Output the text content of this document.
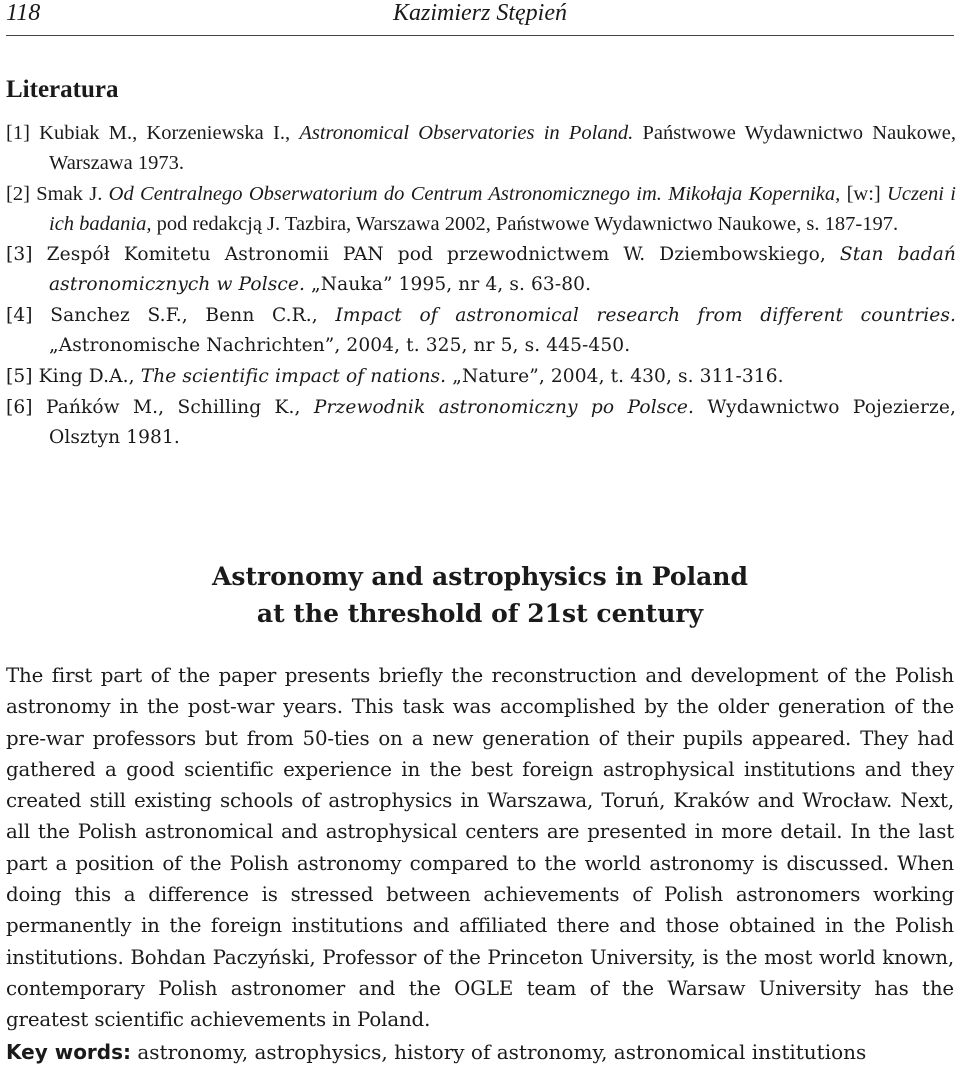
118	Kazimierz Stępień
Literatura
[1] Kubiak M., Korzeniewska I., Astronomical Observatories in Poland. Państwowe Wydawnictwo Naukowe, Warszawa 1973.
[2] Smak J. Od Centralnego Obserwatorium do Centrum Astronomicznego im. Mikołaja Kopernika, [w:] Uczeni i ich badania, pod redakcją J. Tazbira, Warszawa 2002, Państwowe Wydawnictwo Naukowe, s. 187-197.
[3] Zespół Komitetu Astronomii PAN pod przewodnictwem W. Dziembowskiego, Stan badań astronomicznych w Polsce. „Nauka” 1995, nr 4, s. 63-80.
[4] Sanchez S.F., Benn C.R., Impact of astronomical research from different countries. „Astronomische Nachrichten”, 2004, t. 325, nr 5, s. 445-450.
[5] King D.A., The scientific impact of nations. „Nature”, 2004, t. 430, s. 311-316.
[6] Pańków M., Schilling K., Przewodnik astronomiczny po Polsce. Wydawnictwo Pojezierze, Olsztyn 1981.
Astronomy and astrophysics in Poland
at the threshold of 21st century

The first part of the paper presents briefly the reconstruction and development of the Polish astronomy in the post-war years. This task was accomplished by the older generation of the pre-war professors but from 50-ties on a new generation of their pupils appeared. They had gathered a good scientific experience in the best foreign astrophysical institutions and they created still existing schools of astrophysics in Warszawa, Toruń, Kraków and Wrocław. Next, all the Polish astronomical and astrophysical centers are presented in more detail. In the last part a position of the Polish astronomy compared to the world astronomy is discussed. When doing this a difference is stressed between achievements of Polish astronomers working permanently in the foreign institutions and affiliated there and those obtained in the Polish institutions. Bohdan Paczyński, Professor of the Princeton University, is the most world known, contemporary Polish astronomer and the OGLE team of the Warsaw University has the greatest scientific achievements in Poland.

Key words: astronomy, astrophysics, history of astronomy, astronomical institutions
